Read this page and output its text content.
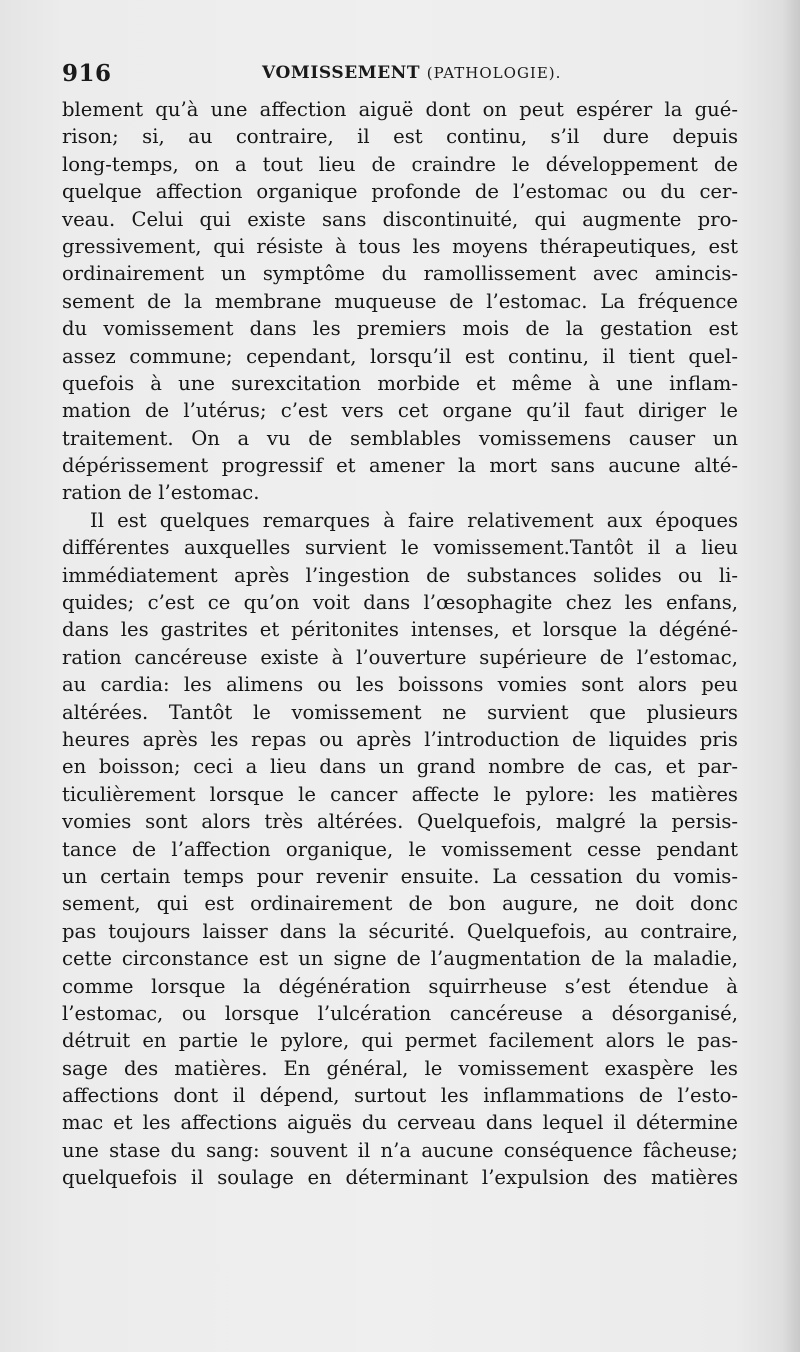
916	VOMISSEMENT (PATHOLOGIE).
blement qu’à une affection aiguë dont on peut espérer la gué-
rison; si, au contraire, il est continu, s’il dure depuis
long-temps, on a tout lieu de craindre le développement de
quelque affection organique profonde de l’estomac ou du cer-
veau. Celui qui existe sans discontinuité, qui augmente pro-
gressivement, qui résiste à tous les moyens thérapeutiques, est
ordinairement un symptôme du ramollissement avec amincis-
sement de la membrane muqueuse de l’estomac. La fréquence
du vomissement dans les premiers mois de la gestation est
assez commune; cependant, lorsqu’il est continu, il tient quel-
quefois à une surexcitation morbide et même à une inflam-
mation de l’utérus; c’est vers cet organe qu’il faut diriger le
traitement. On a vu de semblables vomissemens causer un
dépérissement progressif et amener la mort sans aucune alté-
ration de l’estomac.
Il est quelques remarques à faire relativement aux époques
différentes auxquelles survient le vomissement.Tantôt il a lieu
immédiatement après l’ingestion de substances solides ou li-
quides; c’est ce qu’on voit dans l’œsophagite chez les enfans,
dans les gastrites et péritonites intenses, et lorsque la dégéné-
ration cancéreuse existe à l’ouverture supérieure de l’estomac,
au cardia: les alimens ou les boissons vomies sont alors peu
altérées. Tantôt le vomissement ne survient que plusieurs
heures après les repas ou après l’introduction de liquides pris
en boisson; ceci a lieu dans un grand nombre de cas, et par-
ticulièrement lorsque le cancer affecte le pylore: les matières
vomies sont alors très altérées. Quelquefois, malgré la persis-
tance de l’affection organique, le vomissement cesse pendant
un certain temps pour revenir ensuite. La cessation du vomis-
sement, qui est ordinairement de bon augure, ne doit donc
pas toujours laisser dans la sécurité. Quelquefois, au contraire,
cette circonstance est un signe de l’augmentation de la maladie,
comme lorsque la dégénération squirrheuse s’est étendue à
l’estomac, ou lorsque l’ulcération cancéreuse a désorganisé,
détruit en partie le pylore, qui permet facilement alors le pas-
sage des matières. En général, le vomissement exaspère les
affections dont il dépend, surtout les inflammations de l’esto-
mac et les affections aiguës du cerveau dans lequel il détermine
une stase du sang: souvent il n’a aucune conséquence fâcheuse;
quelquefois il soulage en déterminant l’expulsion des matières
